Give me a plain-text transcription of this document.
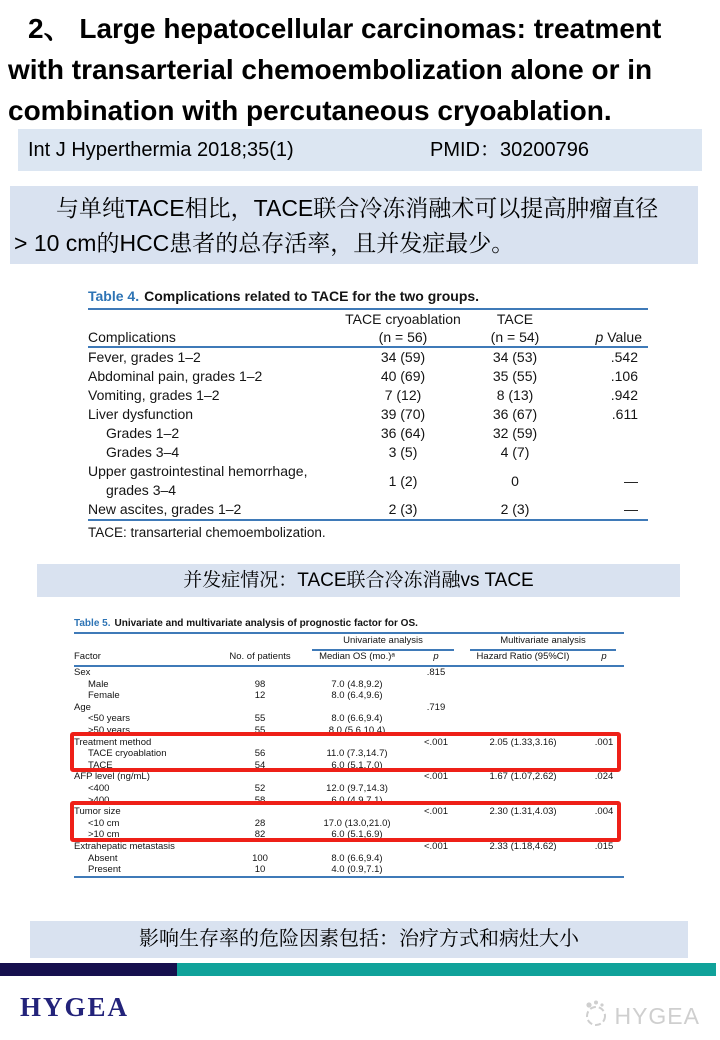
2、 Large hepatocellular carcinomas: treatment
with transarterial chemoembolization alone or in
combination with percutaneous cryoablation.
Int J Hyperthermia 2018;35(1)	PMID：30200796
与单纯TACE相比，TACE联合冷冻消融术可以提高肿瘤直径
> 10 cm的HCC患者的总存活率，且并发症最少。
Table 4. Complications related to TACE for the two groups.
	TACE cryoablation	TACE	
Complications	(n = 56)	(n = 54)	p Value
Fever, grades 1–2	34 (59)	34 (53)	.542
Abdominal pain, grades 1–2	40 (69)	35 (55)	.106
Vomiting, grades 1–2	7 (12)	8 (13)	.942
Liver dysfunction	39 (70)	36 (67)	.611
Grades 1–2	36 (64)	32 (59)	
Grades 3–4	3 (5)	4 (7)	
Upper gastrointestinal hemorrhage,
grades 3–4	1 (2)	0	—
New ascites, grades 1–2	2 (3)	2 (3)	—
TACE: transarterial chemoembolization.
并发症情况：TACE联合冷冻消融vs TACE
Table 5. Univariate and multivariate analysis of prognostic factor for OS.

		Univariate analysis		Multivariate analysis	

Factor	No. of patients	Median OS (mo.)ᵃ	p	Hazard Ratio (95%CI)	p
Sex			.815		
Male	98	7.0 (4.8,9.2)			
Female	12	8.0 (6.4,9.6)			
Age			.719		
<50 years	55	8.0 (6.6,9.4)			
>50 years	55	8.0 (5.6,10.4)			
Treatment method			<.001	2.05 (1.33,3.16)	.001
TACE cryoablation	56	11.0 (7.3,14.7)			
TACE	54	6.0 (5.1,7.0)			
AFP level (ng/mL)			<.001	1.67 (1.07,2.62)	.024
<400	52	12.0 (9.7,14.3)			
>400	58	6.0 (4.9,7.1)			
Tumor size			<.001	2.30 (1.31,4.03)	.004
<10 cm	28	17.0 (13.0,21.0)			
>10 cm	82	6.0 (5.1,6.9)			
Extrahepatic metastasis			<.001	2.33 (1.18,4.62)	.015
Absent	100	8.0 (6.6,9.4)			
Present	10	4.0 (0.9,7.1)			
影响生存率的危险因素包括：治疗方式和病灶大小
HYGEA	HYGEA
